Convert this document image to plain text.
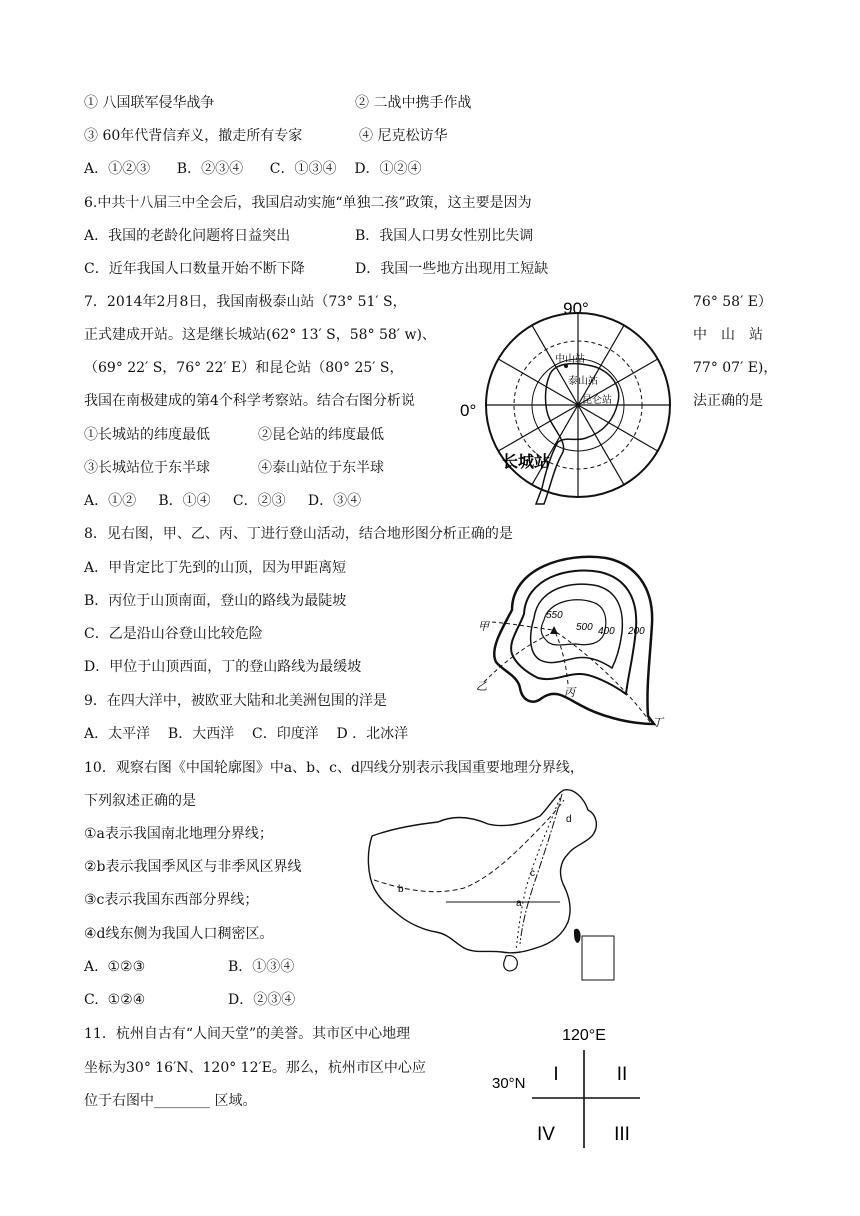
① 八国联军侵华战争	② 二战中携手作战
③ 60年代背信弃义，撤走所有专家	④ 尼克松访华
A．①②③      B．②③④      C．①③④    D．①②④
6.中共十八届三中全会后，我国启动实施“单独二孩”政策，这主要是因为
A．我国的老龄化问题将日益突出	B．我国人口男女性别比失调
C．近年我国人口数量开始不断下降	D．我国一些地方出现用工短缺
7．2014年2月8日，我国南极泰山站（73° 51′ S，	76° 58′ E）
正式建成开站。这是继长城站(62° 13′ S，58° 58′ w)、	中　山　站
（69° 22′ S，76° 22′ E）和昆仑站（80° 25′ S，	77° 07′ E)，
我国在南极建成的第4个科学考察站。结合右图分析说	法正确的是
①长城站的纬度最低	②昆仑站的纬度最低
③长城站位于东半球	④泰山站位于东半球
A．①②     B．①④     C．②③     D．③④
90°
0°
中山站
泰山站
昆仑站
长城站
8．见右图，甲、乙、丙、丁进行登山活动，结合地形图分析正确的是
A．甲肯定比丁先到的山顶，因为甲距离短
B．丙位于山顶南面，登山的路线为最陡坡
C．乙是沿山谷登山比较危险
D．甲位于山顶西面，丁的登山路线为最缓坡
550
500 400 200
甲
乙	丙
丁
9．在四大洋中，被欧亚大陆和北美洲包围的洋是
A．太平洋    B．大西洋    C．印度洋    D ．北冰洋
10．观察右图《中国轮廓图》中a、b、c、d四线分别表示我国重要地理分界线，
下列叙述正确的是
①a表示我国南北地理分界线；
②b表示我国季风区与非季风区界线
③c表示我国东西部分界线；
④d线东侧为我国人口稠密区。
A.  ①②③	B．①③④
C.  ①②④	D．②③④
a
b
c
d
11．杭州自古有“人间天堂”的美誉。其市区中心地理
坐标为30° 16′N、120° 12′E。那么，杭州市区中心应
位于右图中________ 区域。
120°E
30°N I	II
III
IV
